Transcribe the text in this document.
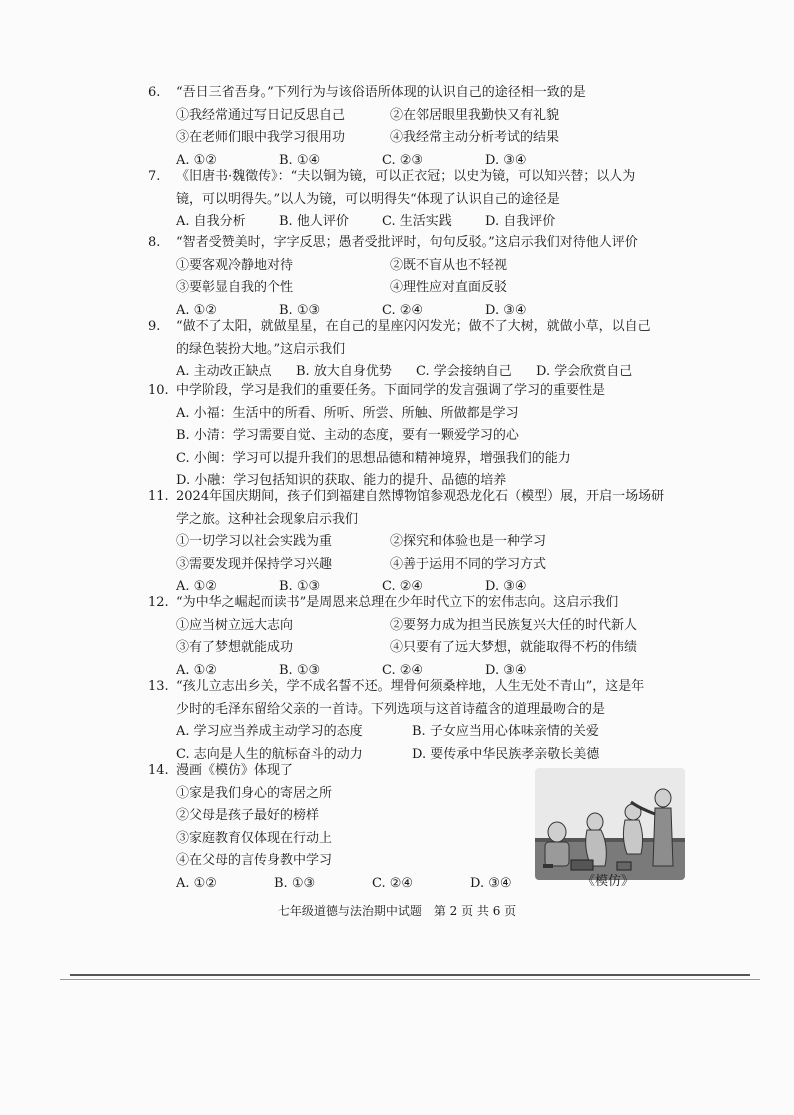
6.	“吾日三省吾身。”下列行为与该俗语所体现的认识自己的途径相一致的是
①我经常通过写日记反思自己	②在邻居眼里我勤快又有礼貌
③在老师们眼中我学习很用功	④我经常主动分析考试的结果
A. ①②	B. ①④	C. ②③	D. ③④
7.	《旧唐书·魏徵传》：“夫以铜为镜，可以正衣冠；以史为镜，可以知兴替；以人为
镜，可以明得失。”以人为镜，可以明得失“体现了认识自己的途径是
A. 自我分析	B. 他人评价	C. 生活实践	D. 自我评价
8.	“智者受赞美时，字字反思；愚者受批评时，句句反驳。”这启示我们对待他人评价
①要客观冷静地对待	②既不盲从也不轻视
③要彰显自我的个性	④理性应对直面反驳
A. ①②	B. ①③	C. ②④	D. ③④
9.	“做不了太阳，就做星星，在自己的星座闪闪发光；做不了大树，就做小草，以自己
的绿色装扮大地。”这启示我们
A. 主动改正缺点	B. 放大自身优势	C. 学会接纳自己	D. 学会欣赏自己
10. 中学阶段，学习是我们的重要任务。下面同学的发言强调了学习的重要性是
A. 小福：生活中的所看、所听、所尝、所触、所做都是学习
B. 小清：学习需要自觉、主动的态度，要有一颗爱学习的心
C. 小闽：学习可以提升我们的思想品德和精神境界，增强我们的能力
D. 小融：学习包括知识的获取、能力的提升、品德的培养
11. 2024年国庆期间，孩子们到福建自然博物馆参观恐龙化石（模型）展，开启一场场研
学之旅。这种社会现象启示我们
①一切学习以社会实践为重	②探究和体验也是一种学习
③需要发现并保持学习兴趣	④善于运用不同的学习方式
A. ①②	B. ①③	C. ②④	D. ③④
12. “为中华之崛起而读书”是周恩来总理在少年时代立下的宏伟志向。这启示我们
①应当树立远大志向	②要努力成为担当民族复兴大任的时代新人
③有了梦想就能成功	④只要有了远大梦想，就能取得不朽的伟绩
A. ①②	B. ①③	C. ②④	D. ③④
13. “孩儿立志出乡关，学不成名誓不还。埋骨何须桑梓地，人生无处不青山”，这是年
少时的毛泽东留给父亲的一首诗。下列选项与这首诗蕴含的道理最吻合的是
A. 学习应当养成主动学习的态度	B. 子女应当用心体味亲情的关爱
C. 志向是人生的航标奋斗的动力	D. 要传承中华民族孝亲敬长美德
14. 漫画《模仿》体现了
①家是我们身心的寄居之所
②父母是孩子最好的榜样
③家庭教育仅体现在行动上
④在父母的言传身教中学习
A. ①②	B. ①③	C. ②④	D. ③④	《模仿》
七年级道德与法治期中试题　第 2 页 共 6 页
